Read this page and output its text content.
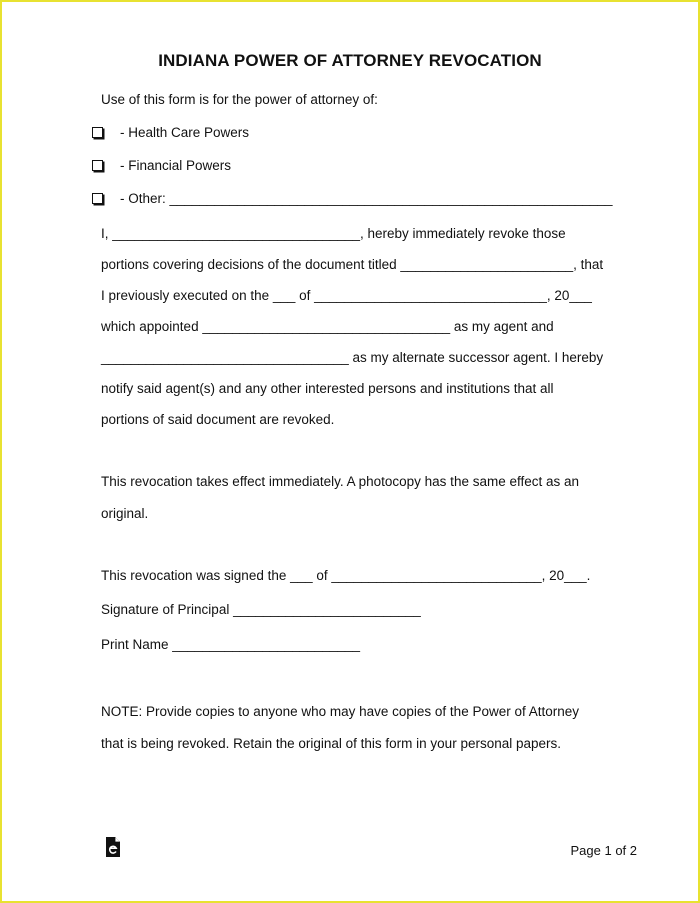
INDIANA POWER OF ATTORNEY REVOCATION
Use of this form is for the power of attorney of:
- Health Care Powers
- Financial Powers
- Other: ___________________________________________________________
I, _________________________________, hereby immediately revoke those
portions covering decisions of the document titled _______________________, that
I previously executed on the ___ of _______________________________, 20___
which appointed _________________________________ as my agent and
_________________________________ as my alternate successor agent. I hereby
notify said agent(s) and any other interested persons and institutions that all
portions of said document are revoked.
This revocation takes effect immediately. A photocopy has the same effect as an
original.
This revocation was signed the ___ of ____________________________, 20___.
Signature of Principal _________________________
Print Name _________________________
NOTE: Provide copies to anyone who may have copies of the Power of Attorney
that is being revoked. Retain the original of this form in your personal papers.
Page 1 of 2
